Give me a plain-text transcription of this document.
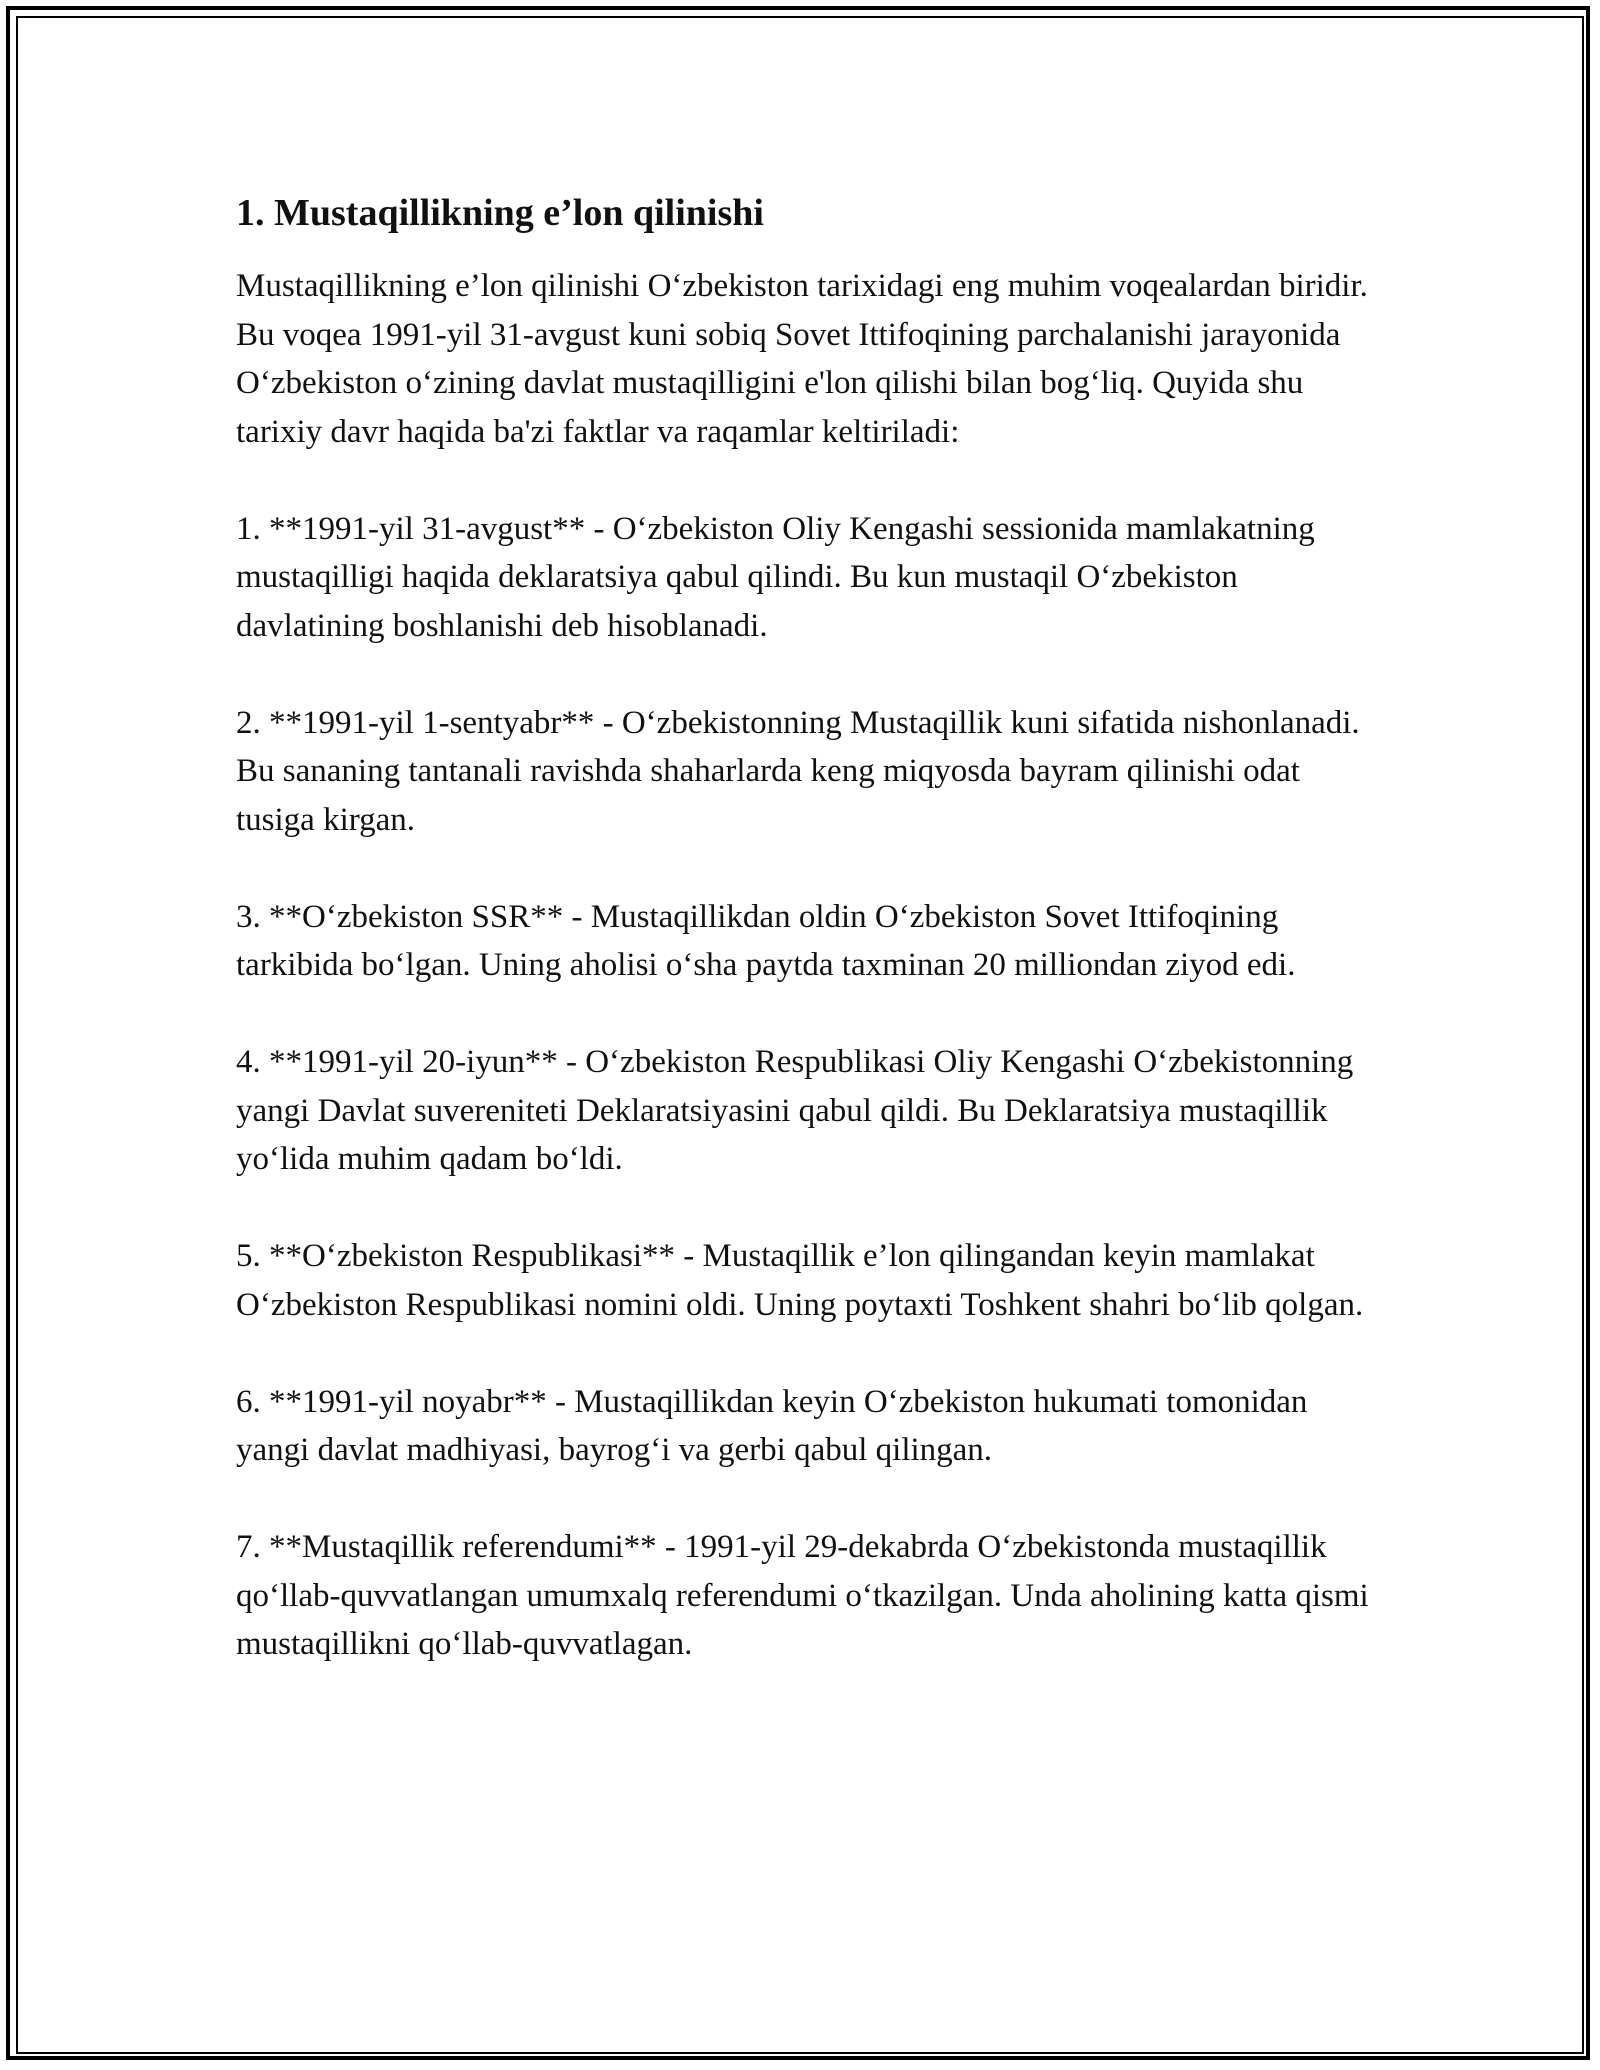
1. Mustaqillikning e’lon qilinishi

Mustaqillikning e’lon qilinishi O‘zbekiston tarixidagi eng muhim voqealardan biridir. Bu voqea 1991-yil 31-avgust kuni sobiq Sovet Ittifoqining parchalanishi jarayonida O‘zbekiston o‘zining davlat mustaqilligini e'lon qilishi bilan bog‘liq. Quyida shu tarixiy davr haqida ba'zi faktlar va raqamlar keltiriladi:

1. **1991-yil 31-avgust** - O‘zbekiston Oliy Kengashi sessionida mamlakatning mustaqilligi haqida deklaratsiya qabul qilindi. Bu kun mustaqil O‘zbekiston davlatining boshlanishi deb hisoblanadi.

2. **1991-yil 1-sentyabr** - O‘zbekistonning Mustaqillik kuni sifatida nishonlanadi. Bu sananing tantanali ravishda shaharlarda keng miqyosda bayram qilinishi odat tusiga kirgan.

3. **O‘zbekiston SSR** - Mustaqillikdan oldin O‘zbekiston Sovet Ittifoqining tarkibida bo‘lgan. Uning aholisi o‘sha paytda taxminan 20 milliondan ziyod edi.

4. **1991-yil 20-iyun** - O‘zbekiston Respublikasi Oliy Kengashi O‘zbekistonning yangi Davlat suvereniteti Deklaratsiyasini qabul qildi. Bu Deklaratsiya mustaqillik yo‘lida muhim qadam bo‘ldi.

5. **O‘zbekiston Respublikasi** - Mustaqillik e’lon qilingandan keyin mamlakat O‘zbekiston Respublikasi nomini oldi. Uning poytaxti Toshkent shahri bo‘lib qolgan.

6. **1991-yil noyabr** - Mustaqillikdan keyin O‘zbekiston hukumati tomonidan yangi davlat madhiyasi, bayrog‘i va gerbi qabul qilingan.

7. **Mustaqillik referendumi** - 1991-yil 29-dekabrda O‘zbekistonda mustaqillik qo‘llab-quvvatlangan umumxalq referendumi o‘tkazilgan. Unda aholining katta qismi mustaqillikni qo‘llab-quvvatlagan.
